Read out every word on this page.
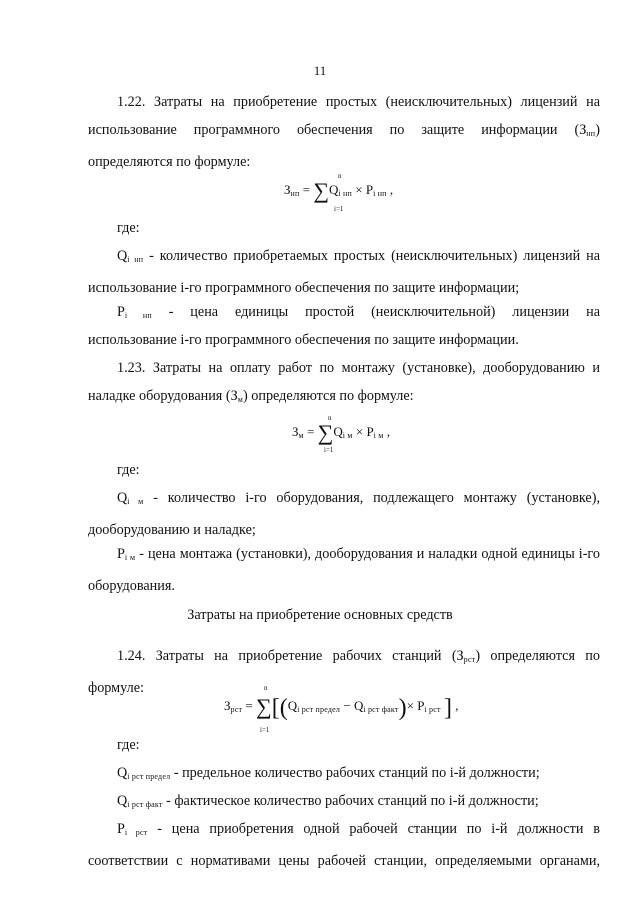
11
1.22. Затраты на приобретение простых (неисключительных) лицензий на использование программного обеспечения по защите информации $(З_{нп})$ определяются по формуле:
$З_{нп} = \sum Q_{i нп} \times P_{i нп}$ ,
n
i=1
где:
$Q_{i нп}$ - количество приобретаемых простых (неисключительных) лицензий на использование i-го программного обеспечения по защите информации;
$P_{i нп}$ - цена единицы простой (неисключительной) лицензии на
использование i-го программного обеспечения по защите информации.
1.23. Затраты на оплату работ по монтажу (установке), дооборудованию и наладке оборудования $(З_м)$ определяются по формуле:
$З_м = \sum Q_{i м} \times P_{i м}$ ,
n
i=1
где:
$Q_{i м}$ - количество i-го оборудования, подлежащего монтажу (установке), дооборудованию и наладке;
$P_{i м}$ - цена монтажа (установки), дооборудования и наладки одной единицы i-го оборудования.
Затраты на приобретение основных средств
1.24. Затраты на приобретение рабочих станций $(З_{рст})$ определяются по формуле:
$З_{рст} = \sum[(Q_{i рст предел} - Q_{i рст факт})\times P_{i рст}$ ] ,
n
i=1
где:
$Q_{i рст предел}$ - предельное количество рабочих станций по i-й должности;
$Q_{i рст факт}$ - фактическое количество рабочих станций по i-й должности;
$P_{i рст}$ - цена приобретения одной рабочей станции по i-й должности в соответствии с нормативами цены рабочей станции, определяемыми органами,
